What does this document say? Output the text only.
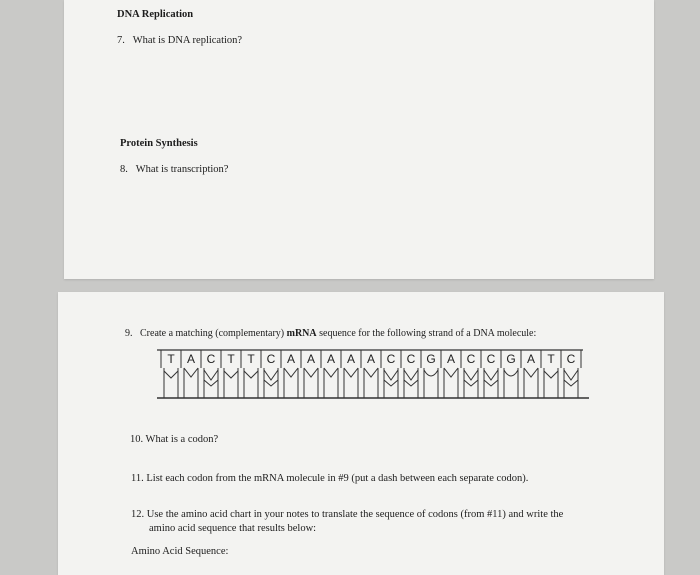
DNA Replication
7. What is DNA replication?
Protein Synthesis
8. What is transcription?
9. Create a matching (complementary) mRNA sequence for the following strand of a DNA molecule:
T	A C	T	T C A A A A A C C G A C C G A	T C
10. What is a codon?
11. List each codon from the mRNA molecule in #9 (put a dash between each separate codon).
12. Use the amino acid chart in your notes to translate the sequence of codons (from #11) and write the
amino acid sequence that results below:
Amino Acid Sequence:
